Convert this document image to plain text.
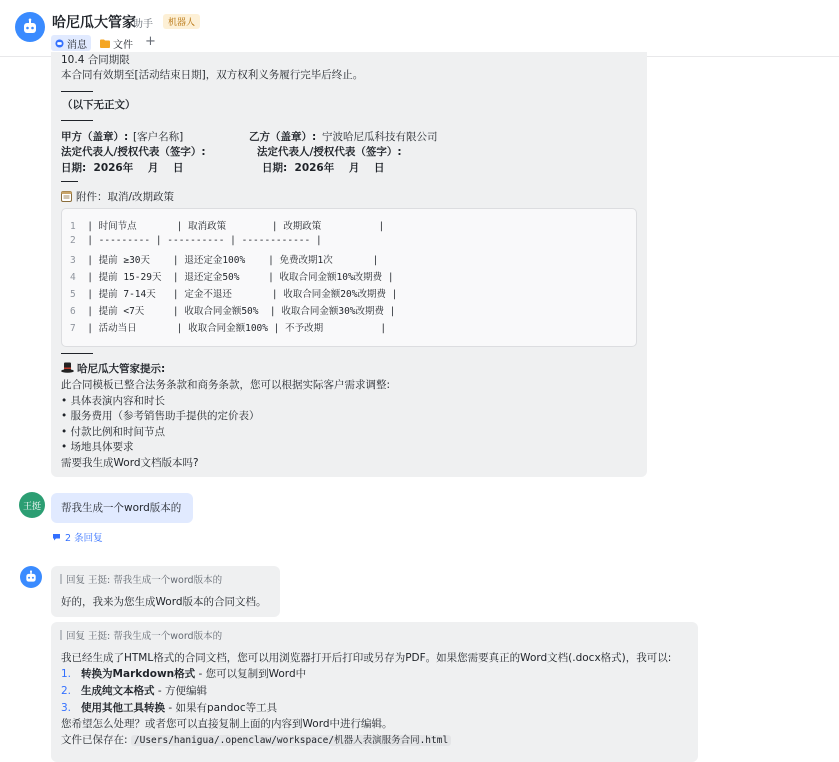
哈尼瓜大管家
助手	机器人
消息	文件 +
10.4 合同期限
本合同有效期至[活动结束日期]，双方权利义务履行完毕后终止。
（以下无正文）
甲方（盖章）: [客户名称]	乙方（盖章）: 宁波哈尼瓜科技有限公司
法定代表人/授权代表（签字）:	法定代表人/授权代表（签字）:
日期:  2026年    月    日	日期:  2026年    月    日
附件：取消/改期政策
1 | 时间节点       | 取消政策        | 改期政策          |
2 | --------- | ---------- | ------------ |
3 | 提前 ≥30天    | 退还定金100%    | 免费改期1次       |
4 | 提前 15-29天  | 退还定金50%     | 收取合同金额10%改期费 |
5 | 提前 7-14天   | 定金不退还       | 收取合同金额20%改期费 |
6 | 提前 <7天     | 收取合同金额50%  | 收取合同金额30%改期费 |
7 | 活动当日       | 收取合同金额100% | 不予改期          |
哈尼瓜大管家提示:
此合同模板已整合法务条款和商务条款，您可以根据实际客户需求调整:
• 具体表演内容和时长
• 服务费用（参考销售助手提供的定价表）
• 付款比例和时间节点
• 场地具体要求
需要我生成Word文档版本吗?
王挺 帮我生成一个word版本的
2 条回复
回复 王挺: 帮我生成一个word版本的
好的，我来为您生成Word版本的合同文档。
回复 王挺: 帮我生成一个word版本的
我已经生成了HTML格式的合同文档，您可以用浏览器打开后打印或另存为PDF。如果您需要真正的Word文档(.docx格式)，我可以:
1. 转换为Markdown格式 - 您可以复制到Word中
2. 生成纯文本格式 - 方便编辑
3. 使用其他工具转换 - 如果有pandoc等工具
您希望怎么处理？或者您可以直接复制上面的内容到Word中进行编辑。
文件已保存在: /Users/hanigua/.openclaw/workspace/机器人表演服务合同.html
